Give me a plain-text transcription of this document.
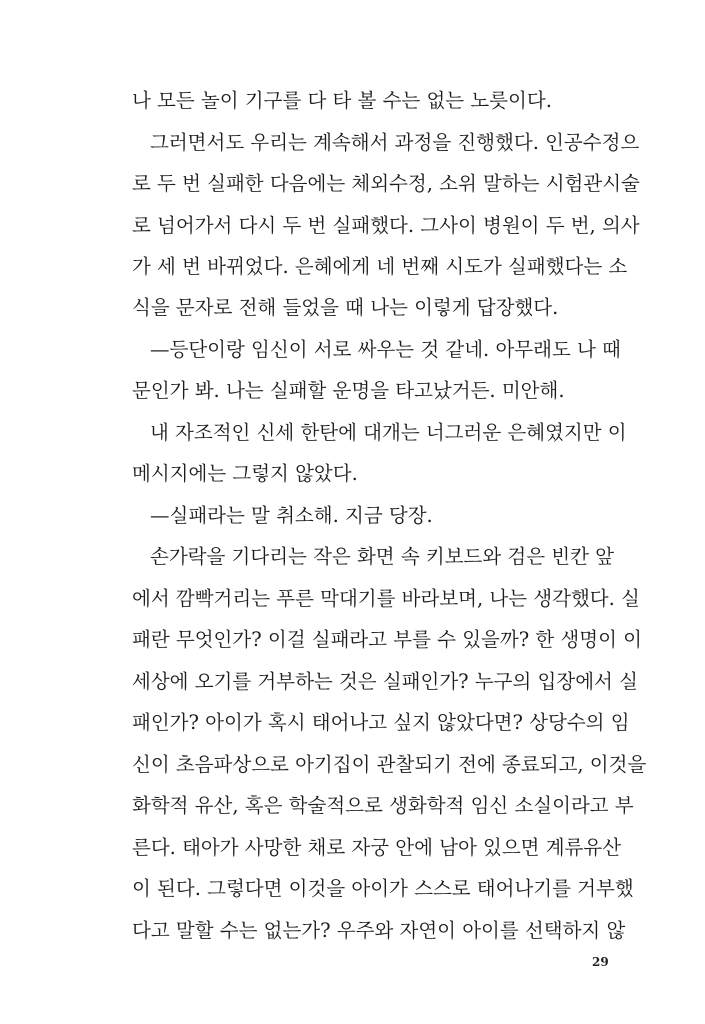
나 모든 놀이 기구를 다 타 볼 수는 없는 노릇이다.
그러면서도 우리는 계속해서 과정을 진행했다. 인공수정으
로 두 번 실패한 다음에는 체외수정, 소위 말하는 시험관시술
로 넘어가서 다시 두 번 실패했다. 그사이 병원이 두 번, 의사
가 세 번 바뀌었다. 은혜에게 네 번째 시도가 실패했다는 소
식을 문자로 전해 들었을 때 나는 이렇게 답장했다.
—등단이랑 임신이 서로 싸우는 것 같네. 아무래도 나 때
문인가 봐. 나는 실패할 운명을 타고났거든. 미안해.
내 자조적인 신세 한탄에 대개는 너그러운 은혜였지만 이
메시지에는 그렇지 않았다.
—실패라는 말 취소해. 지금 당장.
손가락을 기다리는 작은 화면 속 키보드와 검은 빈칸 앞
에서 깜빡거리는 푸른 막대기를 바라보며, 나는 생각했다. 실
패란 무엇인가? 이걸 실패라고 부를 수 있을까? 한 생명이 이
세상에 오기를 거부하는 것은 실패인가? 누구의 입장에서 실
패인가? 아이가 혹시 태어나고 싶지 않았다면? 상당수의 임
신이 초음파상으로 아기집이 관찰되기 전에 종료되고, 이것을
화학적 유산, 혹은 학술적으로 생화학적 임신 소실이라고 부
른다. 태아가 사망한 채로 자궁 안에 남아 있으면 계류유산
이 된다. 그렇다면 이것을 아이가 스스로 태어나기를 거부했
다고 말할 수는 없는가? 우주와 자연이 아이를 선택하지 않
29
